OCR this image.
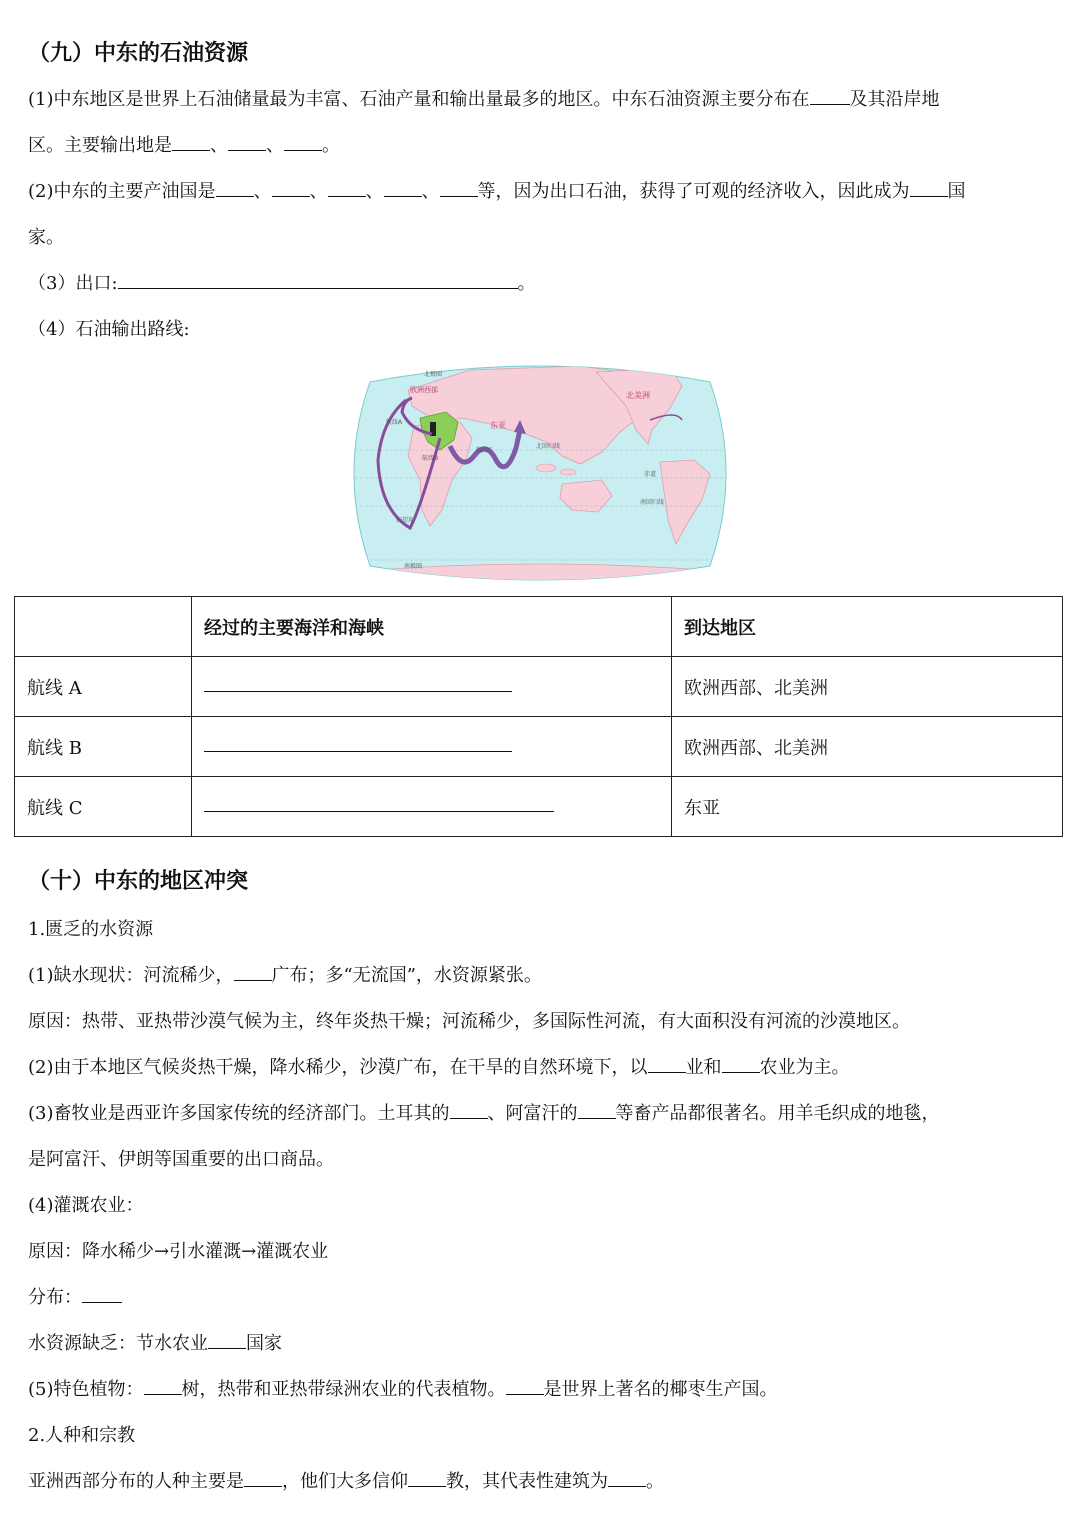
（九）中东的石油资源

(1)中东地区是世界上石油储量最为丰富、石油产量和输出量最多的地区。中东石油资源主要分布在 及其沿岸地

区。主要输出地是 、 、 。

(2)中东的主要产油国是 、 、 、 、 等，因为出口石油，获得了可观的经济收入，因此成为 国

家。

（3）出口:	。

（4）石油输出路线:

欧洲西部
航线A
航线B
航线C
东亚
北美洲
好望角
北回归线
赤道
南回归线
南极圈
北极圈
	经过的主要海洋和海峡	到达地区
航线 A		欧洲西部、北美洲
航线 B		欧洲西部、北美洲
航线 C		东亚
（十）中东的地区冲突

1.匮乏的水资源

(1)缺水现状：河流稀少， 广布；多“无流国”，水资源紧张。

原因：热带、亚热带沙漠气候为主，终年炎热干燥；河流稀少，多国际性河流，有大面积没有河流的沙漠地区。

(2)由于本地区气候炎热干燥，降水稀少，沙漠广布，在干旱的自然环境下，以 业和 农业为主。

(3)畜牧业是西亚许多国家传统的经济部门。土耳其的 、阿富汗的 等畜产品都很著名。用羊毛织成的地毯，

是阿富汗、伊朗等国重要的出口商品。

(4)灌溉农业：

原因：降水稀少→引水灌溉→灌溉农业

分布：

水资源缺乏：节水农业 国家

(5)特色植物： 树，热带和亚热带绿洲农业的代表植物。 是世界上著名的椰枣生产国。

2.人种和宗教

亚洲西部分布的人种主要是 ，他们大多信仰 教，其代表性建筑为 。
